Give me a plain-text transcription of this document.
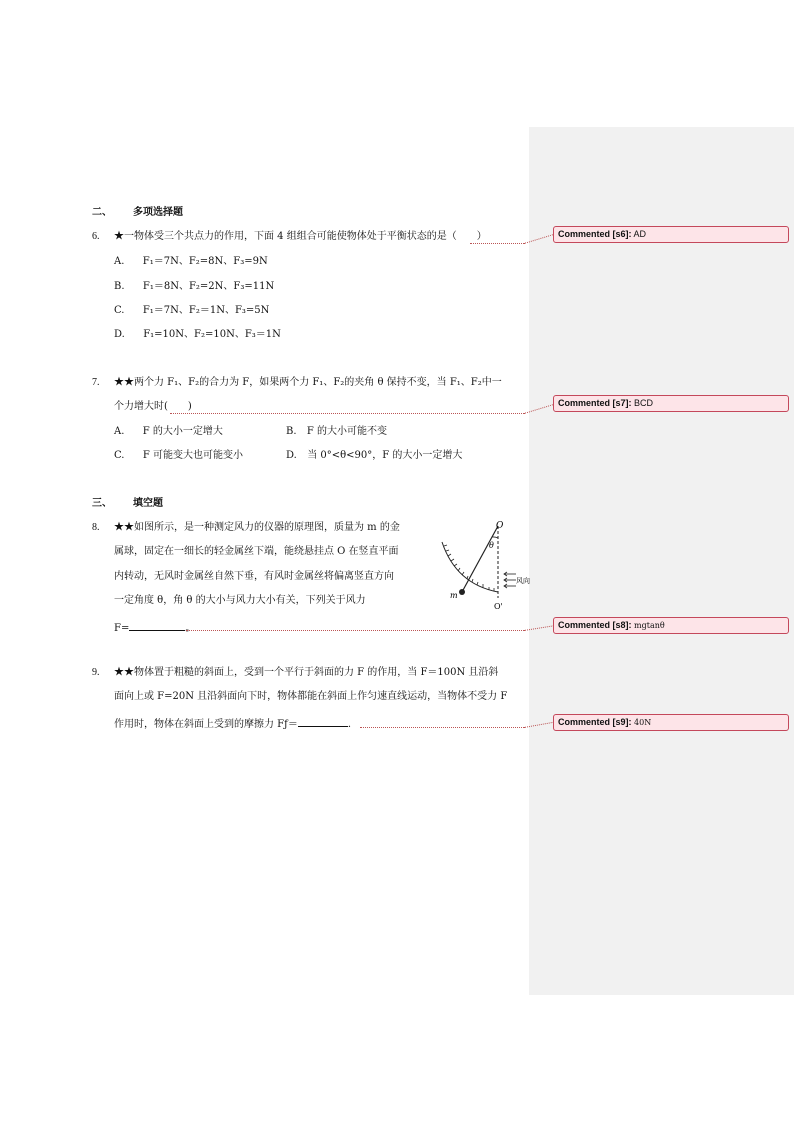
二、 多项选择题
6. ★一物体受三个共点力的作用，下面 4 组组合可能使物体处于平衡状态的是（　　）
A. F₁＝7N、F₂=8N、F₃=9N
B. F₁＝8N、F₂=2N、F₃=11N
C. F₁＝7N、F₂＝1N、F₃=5N
D. F₁=10N、F₂=10N、F₃＝1N
7. ★★两个力 F₁、F₂的合力为 F，如果两个力 F₁、F₂的夹角 θ 保持不变，当 F₁、F₂中一
个力增大时(　　)
A. F 的大小一定增大	B. F 的大小可能不变
C. F 可能变大也可能变小	D. 当 0°<θ<90°，F 的大小一定增大
三、 填空题
8. ★★如图所示，是一种测定风力的仪器的原理图，质量为 m 的金
属球，固定在一细长的轻金属丝下端，能绕悬挂点 O 在竖直平面
内转动，无风时金属丝自然下垂，有风时金属丝将偏离竖直方向
一定角度 θ，角 θ 的大小与风力大小有关，下列关于风力
F=	。
O
θ
m
O'
风向
9. ★★物体置于粗糙的斜面上，受到一个平行于斜面的力 F 的作用，当 F＝100N 且沿斜
面向上或 F=20N 且沿斜面向下时，物体都能在斜面上作匀速直线运动，当物体不受力 F
作用时，物体在斜面上受到的摩擦力 Fƒ＝	.
Commented [s6]: AD
Commented [s7]: BCD
Commented [s8]: mgtanθ
Commented [s9]: 40N
